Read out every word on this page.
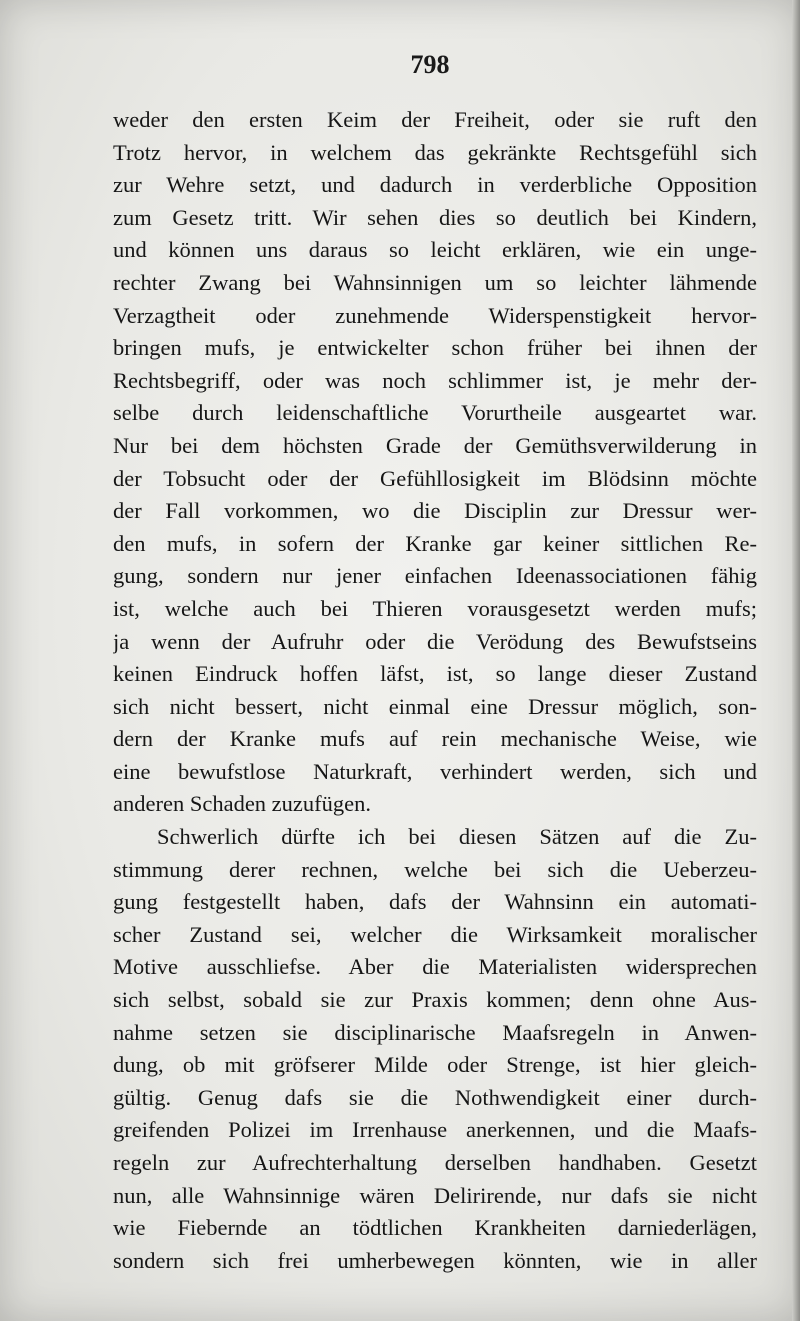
798
weder den ersten Keim der Freiheit, oder sie ruft den
Trotz hervor, in welchem das gekränkte Rechtsgefühl sich
zur Wehre setzt, und dadurch in verderbliche Opposition
zum Gesetz tritt. Wir sehen dies so deutlich bei Kindern,
und können uns daraus so leicht erklären, wie ein unge-
rechter Zwang bei Wahnsinnigen um so leichter lähmende
Verzagtheit oder zunehmende Widerspenstigkeit hervor-
bringen mufs, je entwickelter schon früher bei ihnen der
Rechtsbegriff, oder was noch schlimmer ist, je mehr der-
selbe durch leidenschaftliche Vorurtheile ausgeartet war.
Nur bei dem höchsten Grade der Gemüthsverwilderung in
der Tobsucht oder der Gefühllosigkeit im Blödsinn möchte
der Fall vorkommen, wo die Disciplin zur Dressur wer-
den mufs, in sofern der Kranke gar keiner sittlichen Re-
gung, sondern nur jener einfachen Ideenassociationen fähig
ist, welche auch bei Thieren vorausgesetzt werden mufs;
ja wenn der Aufruhr oder die Verödung des Bewufstseins
keinen Eindruck hoffen läfst, ist, so lange dieser Zustand
sich nicht bessert, nicht einmal eine Dressur möglich, son-
dern der Kranke mufs auf rein mechanische Weise, wie
eine bewufstlose Naturkraft, verhindert werden, sich und
anderen Schaden zuzufügen.
Schwerlich dürfte ich bei diesen Sätzen auf die Zu-
stimmung derer rechnen, welche bei sich die Ueberzeu-
gung festgestellt haben, dafs der Wahnsinn ein automati-
scher Zustand sei, welcher die Wirksamkeit moralischer
Motive ausschliefse. Aber die Materialisten widersprechen
sich selbst, sobald sie zur Praxis kommen; denn ohne Aus-
nahme setzen sie disciplinarische Maafsregeln in Anwen-
dung, ob mit gröfserer Milde oder Strenge, ist hier gleich-
gültig. Genug dafs sie die Nothwendigkeit einer durch-
greifenden Polizei im Irrenhause anerkennen, und die Maafs-
regeln zur Aufrechterhaltung derselben handhaben. Gesetzt
nun, alle Wahnsinnige wären Delirirende, nur dafs sie nicht
wie Fiebernde an tödtlichen Krankheiten darniederlägen,
sondern sich frei umherbewegen könnten, wie in aller
